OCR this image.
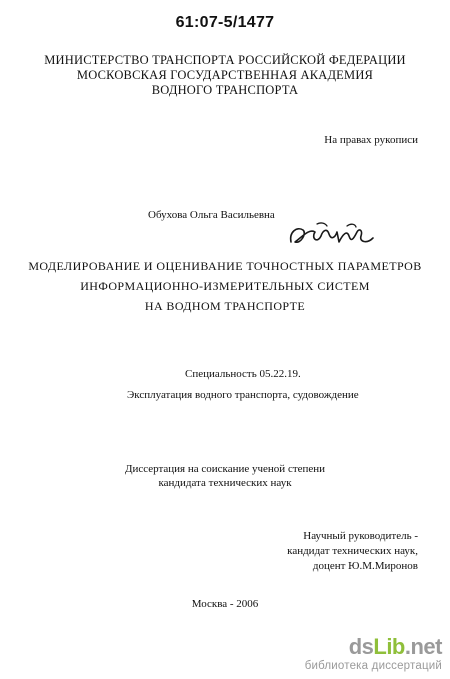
61:07-5/1477
МИНИСТЕРСТВО ТРАНСПОРТА РОССИЙСКОЙ ФЕДЕРАЦИИ
МОСКОВСКАЯ ГОСУДАРСТВЕННАЯ АКАДЕМИЯ
ВОДНОГО ТРАНСПОРТА
На правах рукописи
Обухова Ольга Васильевна
МОДЕЛИРОВАНИЕ И ОЦЕНИВАНИЕ ТОЧНОСТНЫХ ПАРАМЕТРОВ
ИНФОРМАЦИОННО-ИЗМЕРИТЕЛЬНЫХ СИСТЕМ
НА ВОДНОМ ТРАНСПОРТЕ
Специальность 05.22.19.
Эксплуатация водного транспорта, судовождение
Диссертация на соискание ученой степени
кандидата технических наук
Научный руководитель -
кандидат технических наук,
доцент Ю.М.Миронов
Москва - 2006
dsLib.net
библиотека диссертаций
